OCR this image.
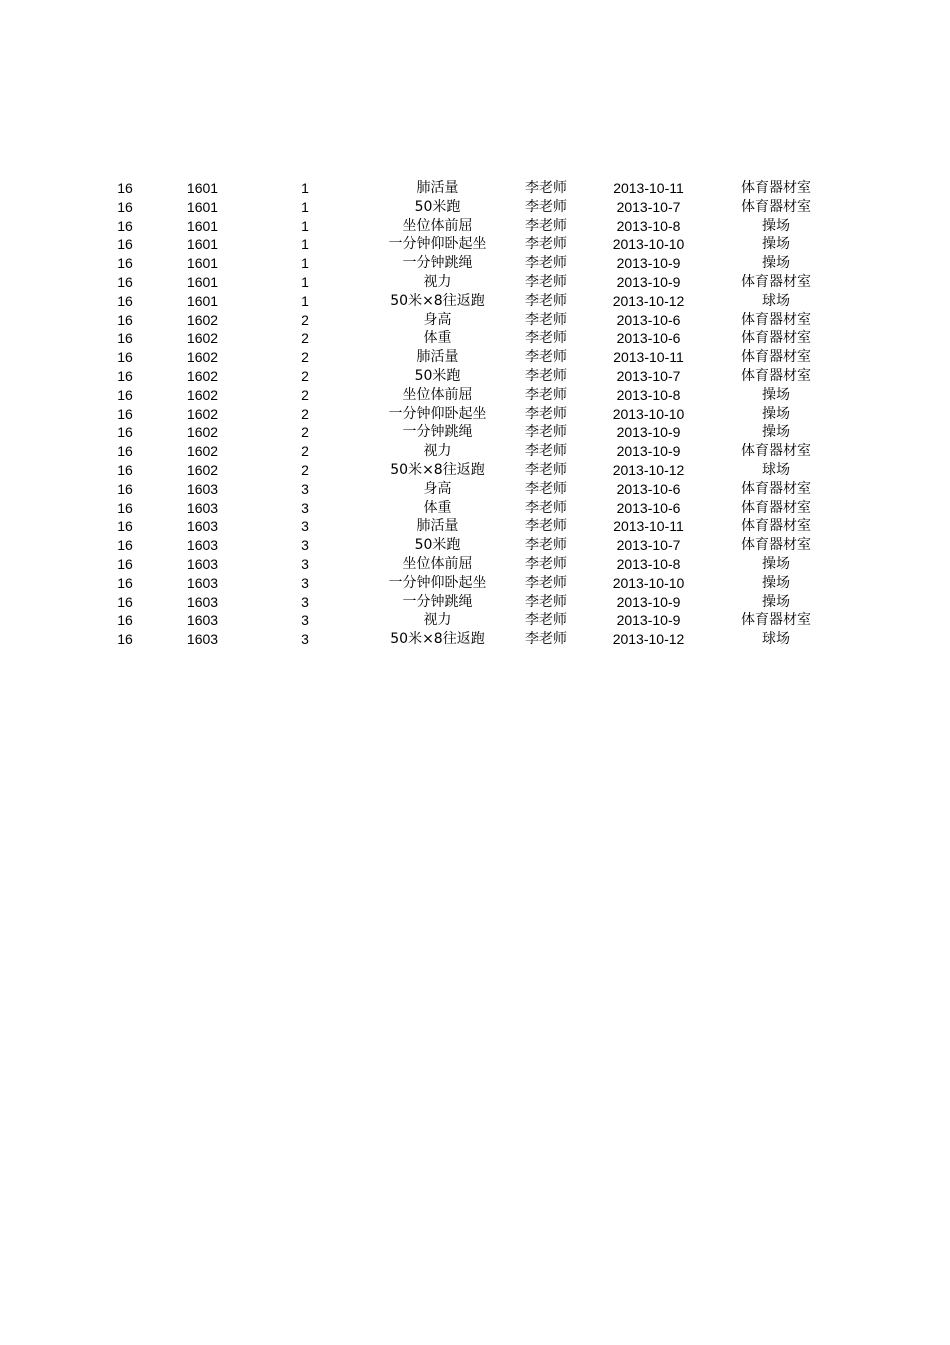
16	1601	1	肺活量	李老师	2013-10-11	体育器材室
16	1601	1	50米跑	李老师	2013-10-7	体育器材室
16	1601	1	坐位体前屈	李老师	2013-10-8	操场
16	1601	1	一分钟仰卧起坐	李老师	2013-10-10	操场
16	1601	1	一分钟跳绳	李老师	2013-10-9	操场
16	1601	1	视力	李老师	2013-10-9	体育器材室
16	1601	1	50米×8往返跑	李老师	2013-10-12	球场
16	1602	2	身高	李老师	2013-10-6	体育器材室
16	1602	2	体重	李老师	2013-10-6	体育器材室
16	1602	2	肺活量	李老师	2013-10-11	体育器材室
16	1602	2	50米跑	李老师	2013-10-7	体育器材室
16	1602	2	坐位体前屈	李老师	2013-10-8	操场
16	1602	2	一分钟仰卧起坐	李老师	2013-10-10	操场
16	1602	2	一分钟跳绳	李老师	2013-10-9	操场
16	1602	2	视力	李老师	2013-10-9	体育器材室
16	1602	2	50米×8往返跑	李老师	2013-10-12	球场
16	1603	3	身高	李老师	2013-10-6	体育器材室
16	1603	3	体重	李老师	2013-10-6	体育器材室
16	1603	3	肺活量	李老师	2013-10-11	体育器材室
16	1603	3	50米跑	李老师	2013-10-7	体育器材室
16	1603	3	坐位体前屈	李老师	2013-10-8	操场
16	1603	3	一分钟仰卧起坐	李老师	2013-10-10	操场
16	1603	3	一分钟跳绳	李老师	2013-10-9	操场
16	1603	3	视力	李老师	2013-10-9	体育器材室
16	1603	3	50米×8往返跑	李老师	2013-10-12	球场
